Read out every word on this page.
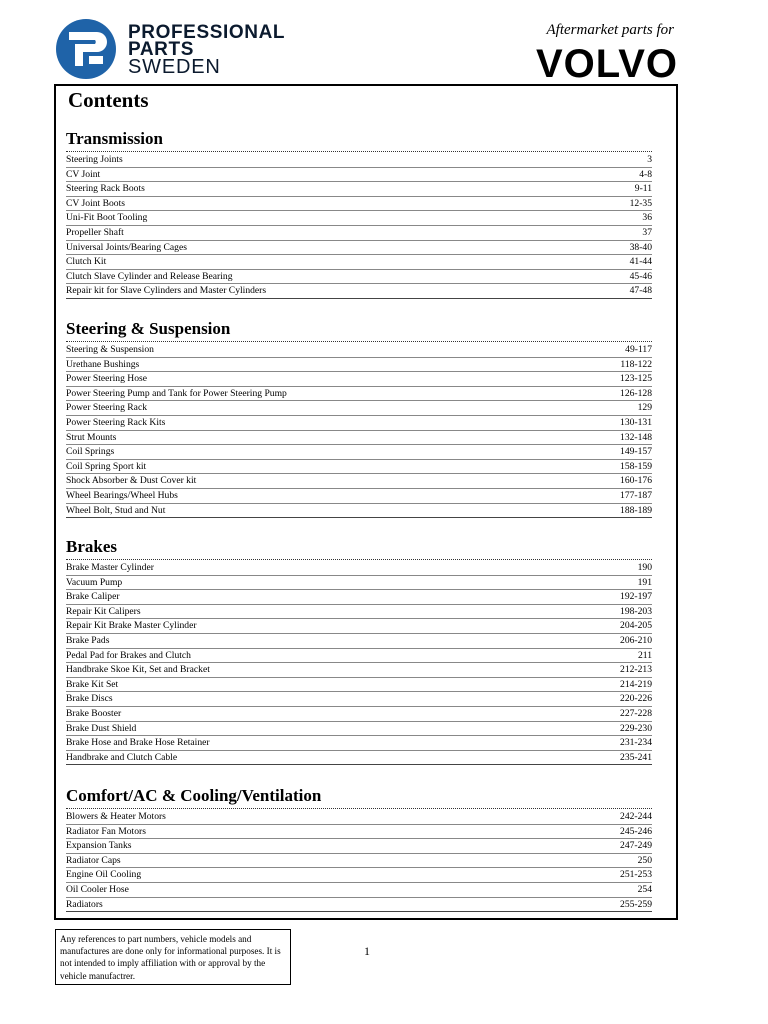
PROFESSIONAL
PARTS
SWEDEN
Aftermarket parts for
VOLVO
Contents
Transmission
Steering Joints	3
CV Joint	4-8
Steering Rack Boots	9-11
CV Joint Boots	12-35
Uni-Fit Boot Tooling	36
Propeller Shaft	37
Universal Joints/Bearing Cages	38-40
Clutch Kit	41-44
Clutch Slave Cylinder and Release Bearing	45-46
Repair kit for Slave Cylinders and Master Cylinders	47-48
Steering & Suspension
Steering & Suspension	49-117
Urethane Bushings	118-122
Power Steering Hose	123-125
Power Steering Pump and Tank for Power Steering Pump	126-128
Power Steering Rack	129
Power Steering Rack Kits	130-131
Strut Mounts	132-148
Coil Springs	149-157
Coil Spring Sport kit	158-159
Shock Absorber & Dust Cover kit	160-176
Wheel Bearings/Wheel Hubs	177-187
Wheel Bolt, Stud and Nut	188-189
Brakes
Brake Master Cylinder	190
Vacuum Pump	191
Brake Caliper	192-197
Repair Kit Calipers	198-203
Repair Kit Brake Master Cylinder	204-205
Brake Pads	206-210
Pedal Pad for Brakes and Clutch	211
Handbrake Skoe Kit, Set and Bracket	212-213
Brake Kit Set	214-219
Brake Discs	220-226
Brake Booster	227-228
Brake Dust Shield	229-230
Brake Hose and Brake Hose Retainer	231-234
Handbrake and Clutch Cable	235-241
Comfort/AC & Cooling/Ventilation
Blowers & Heater Motors	242-244
Radiator Fan Motors	245-246
Expansion Tanks	247-249
Radiator Caps	250
Engine Oil Cooling	251-253
Oil Cooler Hose	254
Radiators	255-259
Any references to part numbers, vehicle models and manufactures are done only for informational purposes. It is not intended to imply affiliation with or approval by the vehicle manufactrer.
1
